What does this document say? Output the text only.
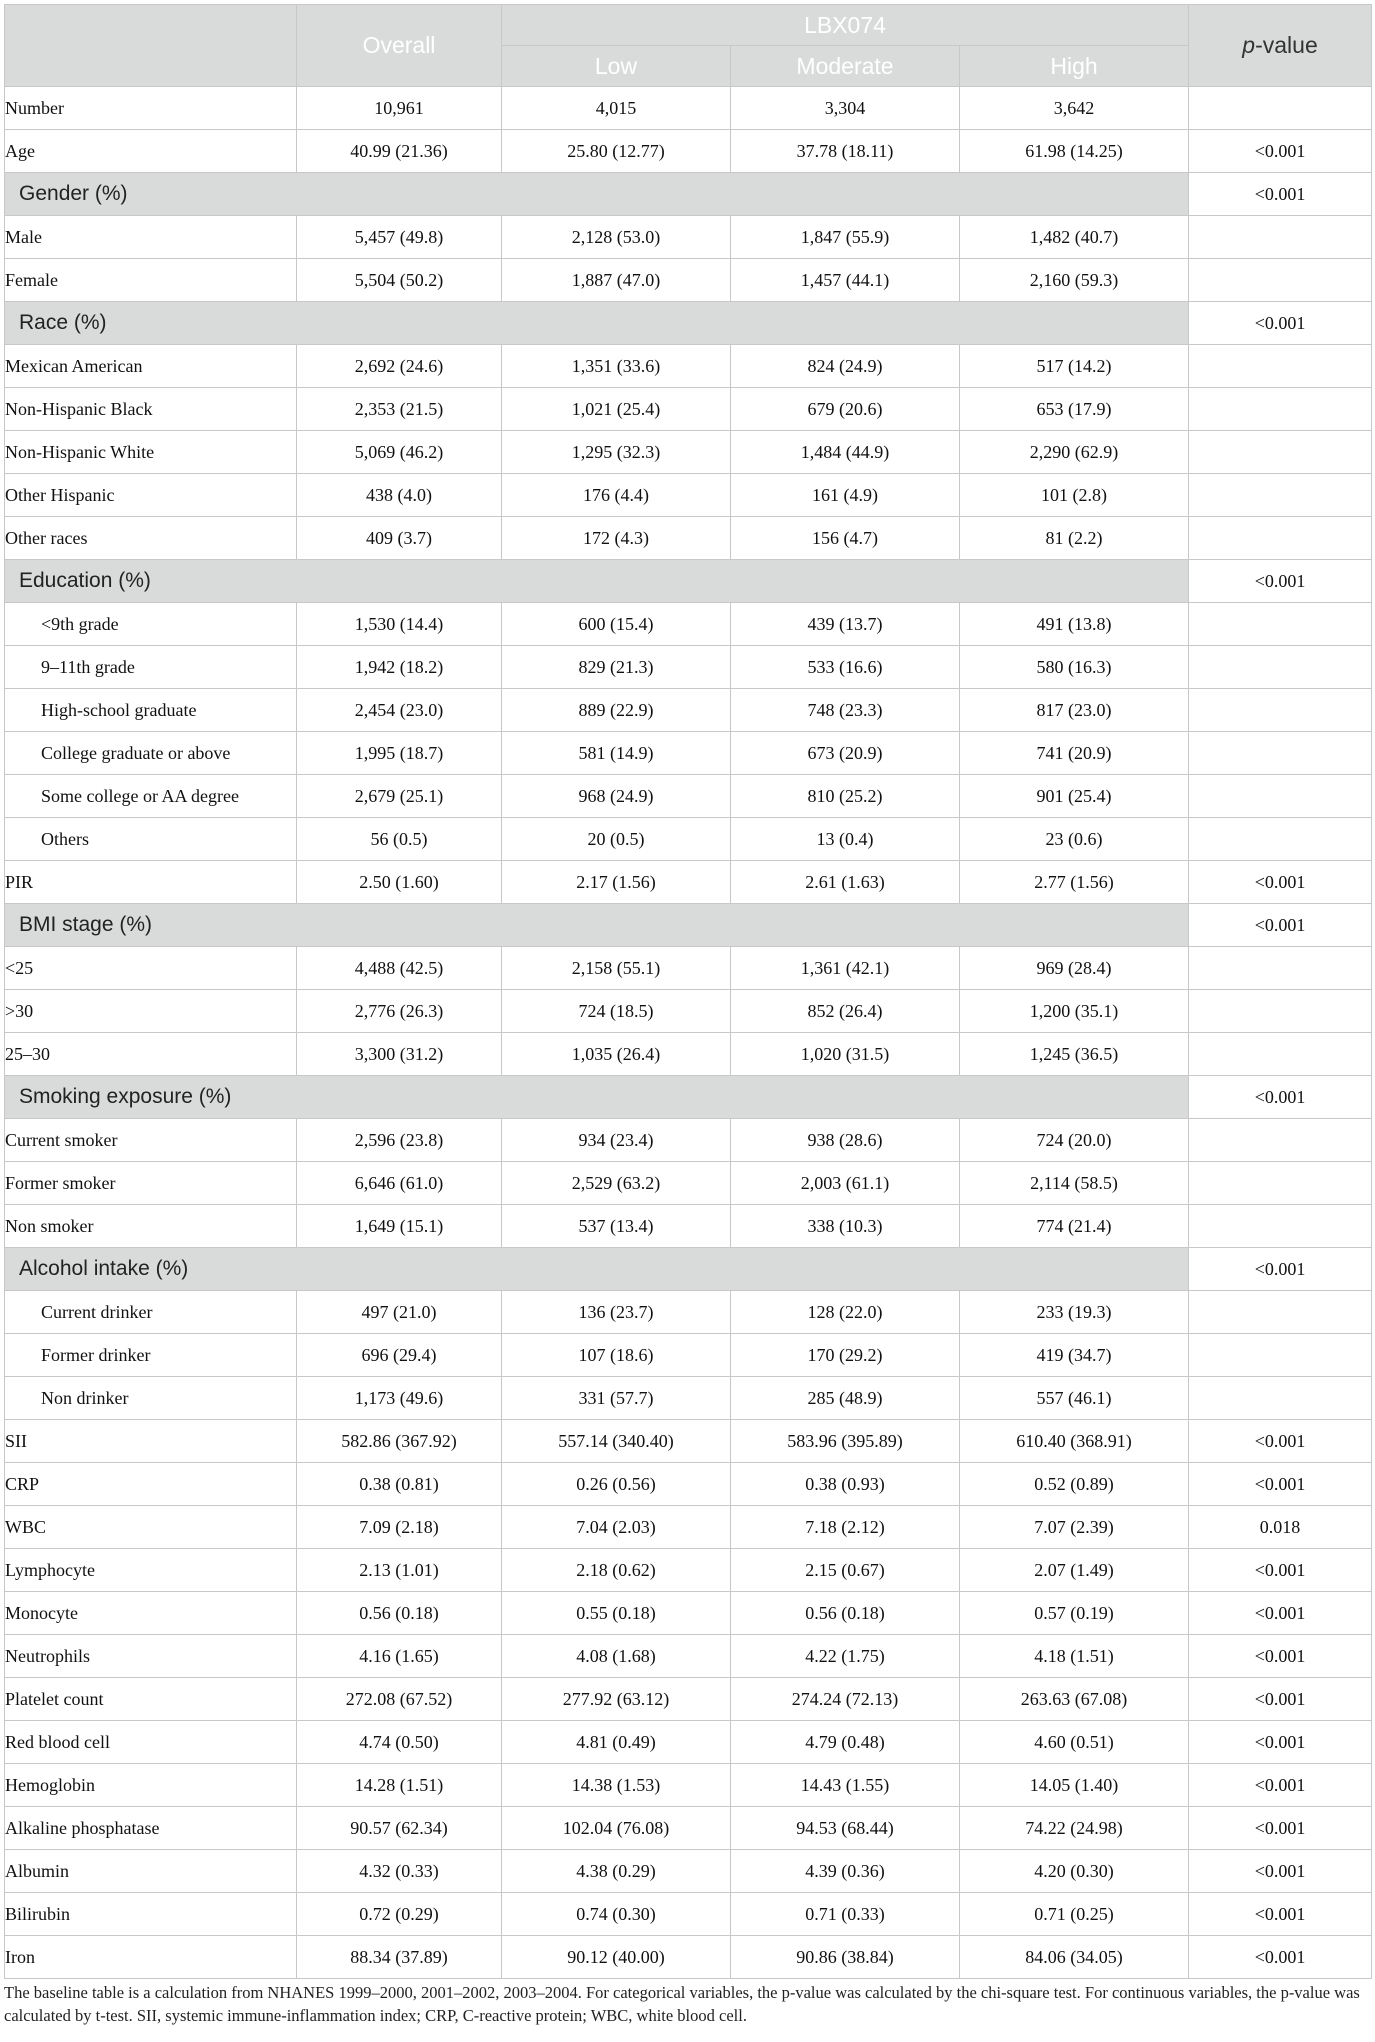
	Overall	LBX074			p-value
		Low	Moderate	High	
Number	10,961	4,015	3,304	3,642	
Age	40.99 (21.36)	25.80 (12.77)	37.78 (18.11)	61.98 (14.25)	<0.001
Gender (%)					<0.001
Male	5,457 (49.8)	2,128 (53.0)	1,847 (55.9)	1,482 (40.7)	
Female	5,504 (50.2)	1,887 (47.0)	1,457 (44.1)	2,160 (59.3)	
Race (%)					<0.001
Mexican American	2,692 (24.6)	1,351 (33.6)	824 (24.9)	517 (14.2)	
Non-Hispanic Black	2,353 (21.5)	1,021 (25.4)	679 (20.6)	653 (17.9)	
Non-Hispanic White	5,069 (46.2)	1,295 (32.3)	1,484 (44.9)	2,290 (62.9)	
Other Hispanic	438 (4.0)	176 (4.4)	161 (4.9)	101 (2.8)	
Other races	409 (3.7)	172 (4.3)	156 (4.7)	81 (2.2)	
Education (%)					<0.001
<9th grade	1,530 (14.4)	600 (15.4)	439 (13.7)	491 (13.8)	
9–11th grade	1,942 (18.2)	829 (21.3)	533 (16.6)	580 (16.3)	
High-school graduate	2,454 (23.0)	889 (22.9)	748 (23.3)	817 (23.0)	
College graduate or above	1,995 (18.7)	581 (14.9)	673 (20.9)	741 (20.9)	
Some college or AA degree	2,679 (25.1)	968 (24.9)	810 (25.2)	901 (25.4)	
Others	56 (0.5)	20 (0.5)	13 (0.4)	23 (0.6)	
PIR	2.50 (1.60)	2.17 (1.56)	2.61 (1.63)	2.77 (1.56)	<0.001
BMI stage (%)					<0.001
<25	4,488 (42.5)	2,158 (55.1)	1,361 (42.1)	969 (28.4)	
>30	2,776 (26.3)	724 (18.5)	852 (26.4)	1,200 (35.1)	
25–30	3,300 (31.2)	1,035 (26.4)	1,020 (31.5)	1,245 (36.5)	
Smoking exposure (%)					<0.001
Current smoker	2,596 (23.8)	934 (23.4)	938 (28.6)	724 (20.0)	
Former smoker	6,646 (61.0)	2,529 (63.2)	2,003 (61.1)	2,114 (58.5)	
Non smoker	1,649 (15.1)	537 (13.4)	338 (10.3)	774 (21.4)	
Alcohol intake (%)					<0.001
Current drinker	497 (21.0)	136 (23.7)	128 (22.0)	233 (19.3)	
Former drinker	696 (29.4)	107 (18.6)	170 (29.2)	419 (34.7)	
Non drinker	1,173 (49.6)	331 (57.7)	285 (48.9)	557 (46.1)	
SII	582.86 (367.92)	557.14 (340.40)	583.96 (395.89)	610.40 (368.91)	<0.001
CRP	0.38 (0.81)	0.26 (0.56)	0.38 (0.93)	0.52 (0.89)	<0.001
WBC	7.09 (2.18)	7.04 (2.03)	7.18 (2.12)	7.07 (2.39)	0.018
Lymphocyte	2.13 (1.01)	2.18 (0.62)	2.15 (0.67)	2.07 (1.49)	<0.001
Monocyte	0.56 (0.18)	0.55 (0.18)	0.56 (0.18)	0.57 (0.19)	<0.001
Neutrophils	4.16 (1.65)	4.08 (1.68)	4.22 (1.75)	4.18 (1.51)	<0.001
Platelet count	272.08 (67.52)	277.92 (63.12)	274.24 (72.13)	263.63 (67.08)	<0.001
Red blood cell	4.74 (0.50)	4.81 (0.49)	4.79 (0.48)	4.60 (0.51)	<0.001
Hemoglobin	14.28 (1.51)	14.38 (1.53)	14.43 (1.55)	14.05 (1.40)	<0.001
Alkaline phosphatase	90.57 (62.34)	102.04 (76.08)	94.53 (68.44)	74.22 (24.98)	<0.001
Albumin	4.32 (0.33)	4.38 (0.29)	4.39 (0.36)	4.20 (0.30)	<0.001
Bilirubin	0.72 (0.29)	0.74 (0.30)	0.71 (0.33)	0.71 (0.25)	<0.001
Iron	88.34 (37.89)	90.12 (40.00)	90.86 (38.84)	84.06 (34.05)	<0.001
The baseline table is a calculation from NHANES 1999–2000, 2001–2002, 2003–2004. For categorical variables, the p-value was calculated by the chi-square test. For continuous variables, the p-value was calculated by t-test. SII, systemic immune-inflammation index; CRP, C-reactive protein; WBC, white blood cell.
